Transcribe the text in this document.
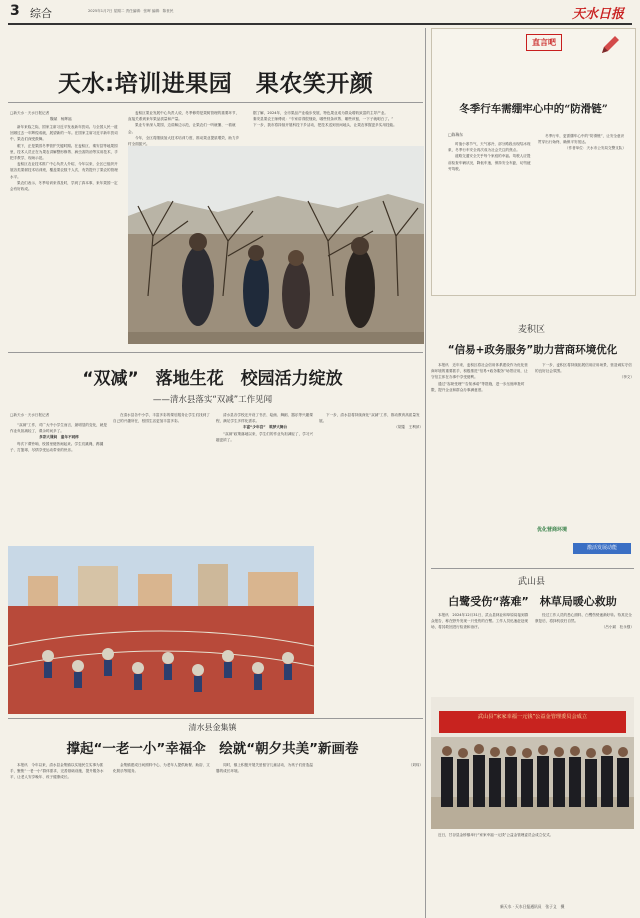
3 综合	2025年1月7日 星期二 责任编辑：张晖 编辑：陈世民	天水日报
天水:培训进果园　果农笑开颜
□新天水 · 天水日报记者
魏斌　杨辉福

新年来临之际，国家主席习近平发表新年贺词。与全国人民一道回顾过去一年辉煌成就，展望新的一年。在国家主席习近平新年贺词中，果农们深受鼓舞。

眼下，正是果园冬季管护关键时期。在麦积区、秦安县等地果园里，技术人员正在为果农讲解整形修剪、病虫害防治等实用技术，手把手教学，现场示范。

麦积区农业技术推广中心负责人介绍，今年以来，全区已组织开展各类果树技术培训班，覆盖果农数千人次，有效提升了果农的管理水平。

果农们表示，冬季培训来得及时，学到了真本事，来年果园一定会有好收成。

麦积区果业发展中心负责人说，冬季修剪是果树管理的重要环节，直接关系到来年果品质量和产量。

果业专家深入果园，边讲解边示范，让果农们一听就懂、一看就会。

今年，全区将继续加大技术培训力度，推动果业提质增效，助力乡村全面振兴。

据了解，2024年，全市果品产业稳步发展，特色果业成为群众增收致富的主导产业。

秦安县果农王师傅说：“专家讲得很细致，哪些枝条该剪、哪些该留，一下子就明白了。”

下一步，我市将持续开展科技下乡活动，把技术送到田间地头，让果农掌握更多实用技能。

直言吧
冬季行车需绷牢心中的“防滑链”
□陈瑞东

时值小寒节气，天气寒冷，部分路段出现结冰现象，冬季行车安全再次成为社会关注的焦点。

道路交通安全关乎每个家庭的幸福。驾驶人应提前检查车辆状况，降低车速，保持安全车距，切勿疲劳驾驶。

冬季行车，更需绷牢心中的“防滑链”，让安全意识贯穿出行始终，确保平安抵达。

（作者单位：天水市公安局交警支队）

麦积区
“信易+政务服务”助力营商环境优化

本报讯　近年来，麦积区将社会信用体系建设作为优化营商环境的重要抓手，积极推进“信易+政务服务”场景应用，让守信主体在办事中享受便利。

通过“容缺受理”“告知承诺”等措施，进一步压缩审批时限，提升企业和群众办事满意度。

下一步，麦积区将持续拓展信用应用场景，营造诚实守信的良好社会氛围。

（李文）

优化营商环境
激活发展动能
武山县
白鹭受伤“落难”　林草局暖心救助

本报讯　2024年12月31日，武山县林业和草原局接到群众报告，称在野外发现一只受伤的白鹭。工作人员迅速赶赴现场，将其救回进行检查和治疗。

经过工作人员的悉心照料，白鹭伤势逐渐好转。待其完全康复后，将择机放归自然。

（吕小斌　杜永强）

武山县“家家幸福一元钱”公益金管理委员会成立

近日，甘谷县金桥镇举行“家家幸福一元钱”公益金管理委员会成立仪式。

“双减”　落地生花　校园活力绽放
——清水县落实“双减”工作见闻
□新天水 · 天水日报记者

“双减”工作，对广大中小学生而言，最明显的变化，就是作业负担减轻了，课余时间多了。

多彩大课间　童年不同样

每次下课铃响，校园里便热闹起来。学生们跳绳、踢毽子、打篮球，尽情享受运动带来的快乐。

在清水县各中小学，丰富多彩的课后服务让学生们找到了自己的兴趣所在，校园生活更加丰富多彩。

清水县各学校还开设了书法、绘画、舞蹈、器乐等兴趣课程，满足学生多样化需求。

丰富“少年宫”　筑梦大舞台

“双减”政策落地以来，学生们的作业负担减轻了，学习兴趣更浓了。

下一步，清水县将持续深化“双减”工作，推动教育高质量发展。

（胡蓬　王利萍）

清水县金集镇
撑起“一老一小”幸福伞　绘就“朝夕共美”新画卷

本报讯　今年以来，清水县金集镇以实施民生实事为抓手，聚焦“一老一小”群体需求，完善基础设施，提升服务水平，让老人安享晚年、孩子健康成长。

金集镇建成日间照料中心，为老年人提供助餐、助浴、文化娱乐等服务。

同时，镇上积极开展关爱留守儿童活动，为孩子们营造温馨的成长环境。

（刘玮）

新天水 · 天水日报通讯员　张子义　摄
